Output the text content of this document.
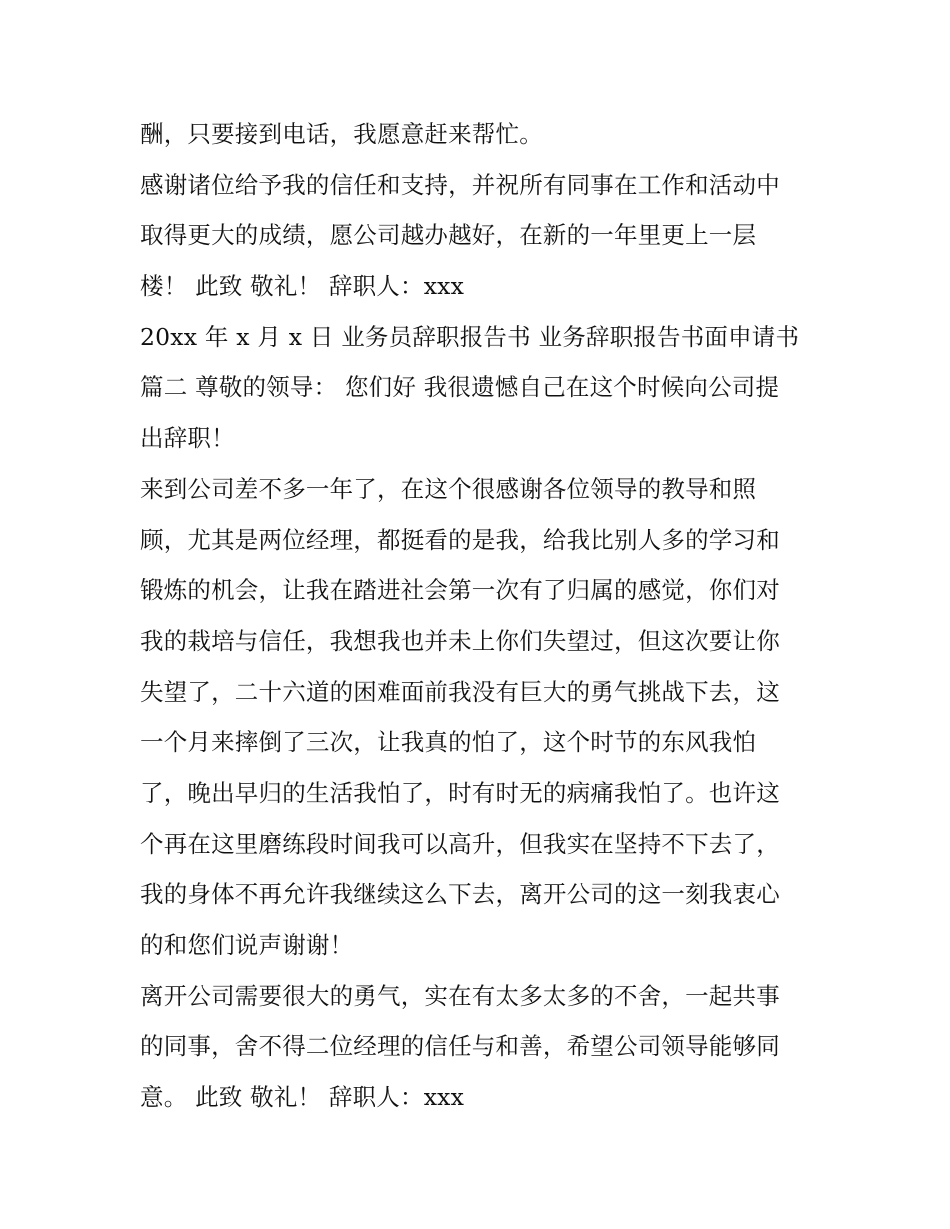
酬，只要接到电话，我愿意赶来帮忙。
感谢诸位给予我的信任和支持，并祝所有同事在工作和活动中
取得更大的成绩，愿公司越办越好，在新的一年里更上一层
楼！ 此致 敬礼！ 辞职人：xxx
20xx 年 x 月 x 日 业务员辞职报告书 业务辞职报告书面申请书
篇二 尊敬的领导： 您们好 我很遗憾自己在这个时候向公司提
出辞职！
来到公司差不多一年了，在这个很感谢各位领导的教导和照
顾，尤其是两位经理，都挺看的是我，给我比别人多的学习和
锻炼的机会，让我在踏进社会第一次有了归属的感觉，你们对
我的栽培与信任，我想我也并未上你们失望过，但这次要让你
失望了，二十六道的困难面前我没有巨大的勇气挑战下去，这
一个月来摔倒了三次，让我真的怕了，这个时节的东风我怕
了，晚出早归的生活我怕了，时有时无的病痛我怕了。也许这
个再在这里磨练段时间我可以高升，但我实在坚持不下去了，
我的身体不再允许我继续这么下去，离开公司的这一刻我衷心
的和您们说声谢谢！
离开公司需要很大的勇气，实在有太多太多的不舍，一起共事
的同事，舍不得二位经理的信任与和善，希望公司领导能够同
意。 此致 敬礼！ 辞职人：xxx
